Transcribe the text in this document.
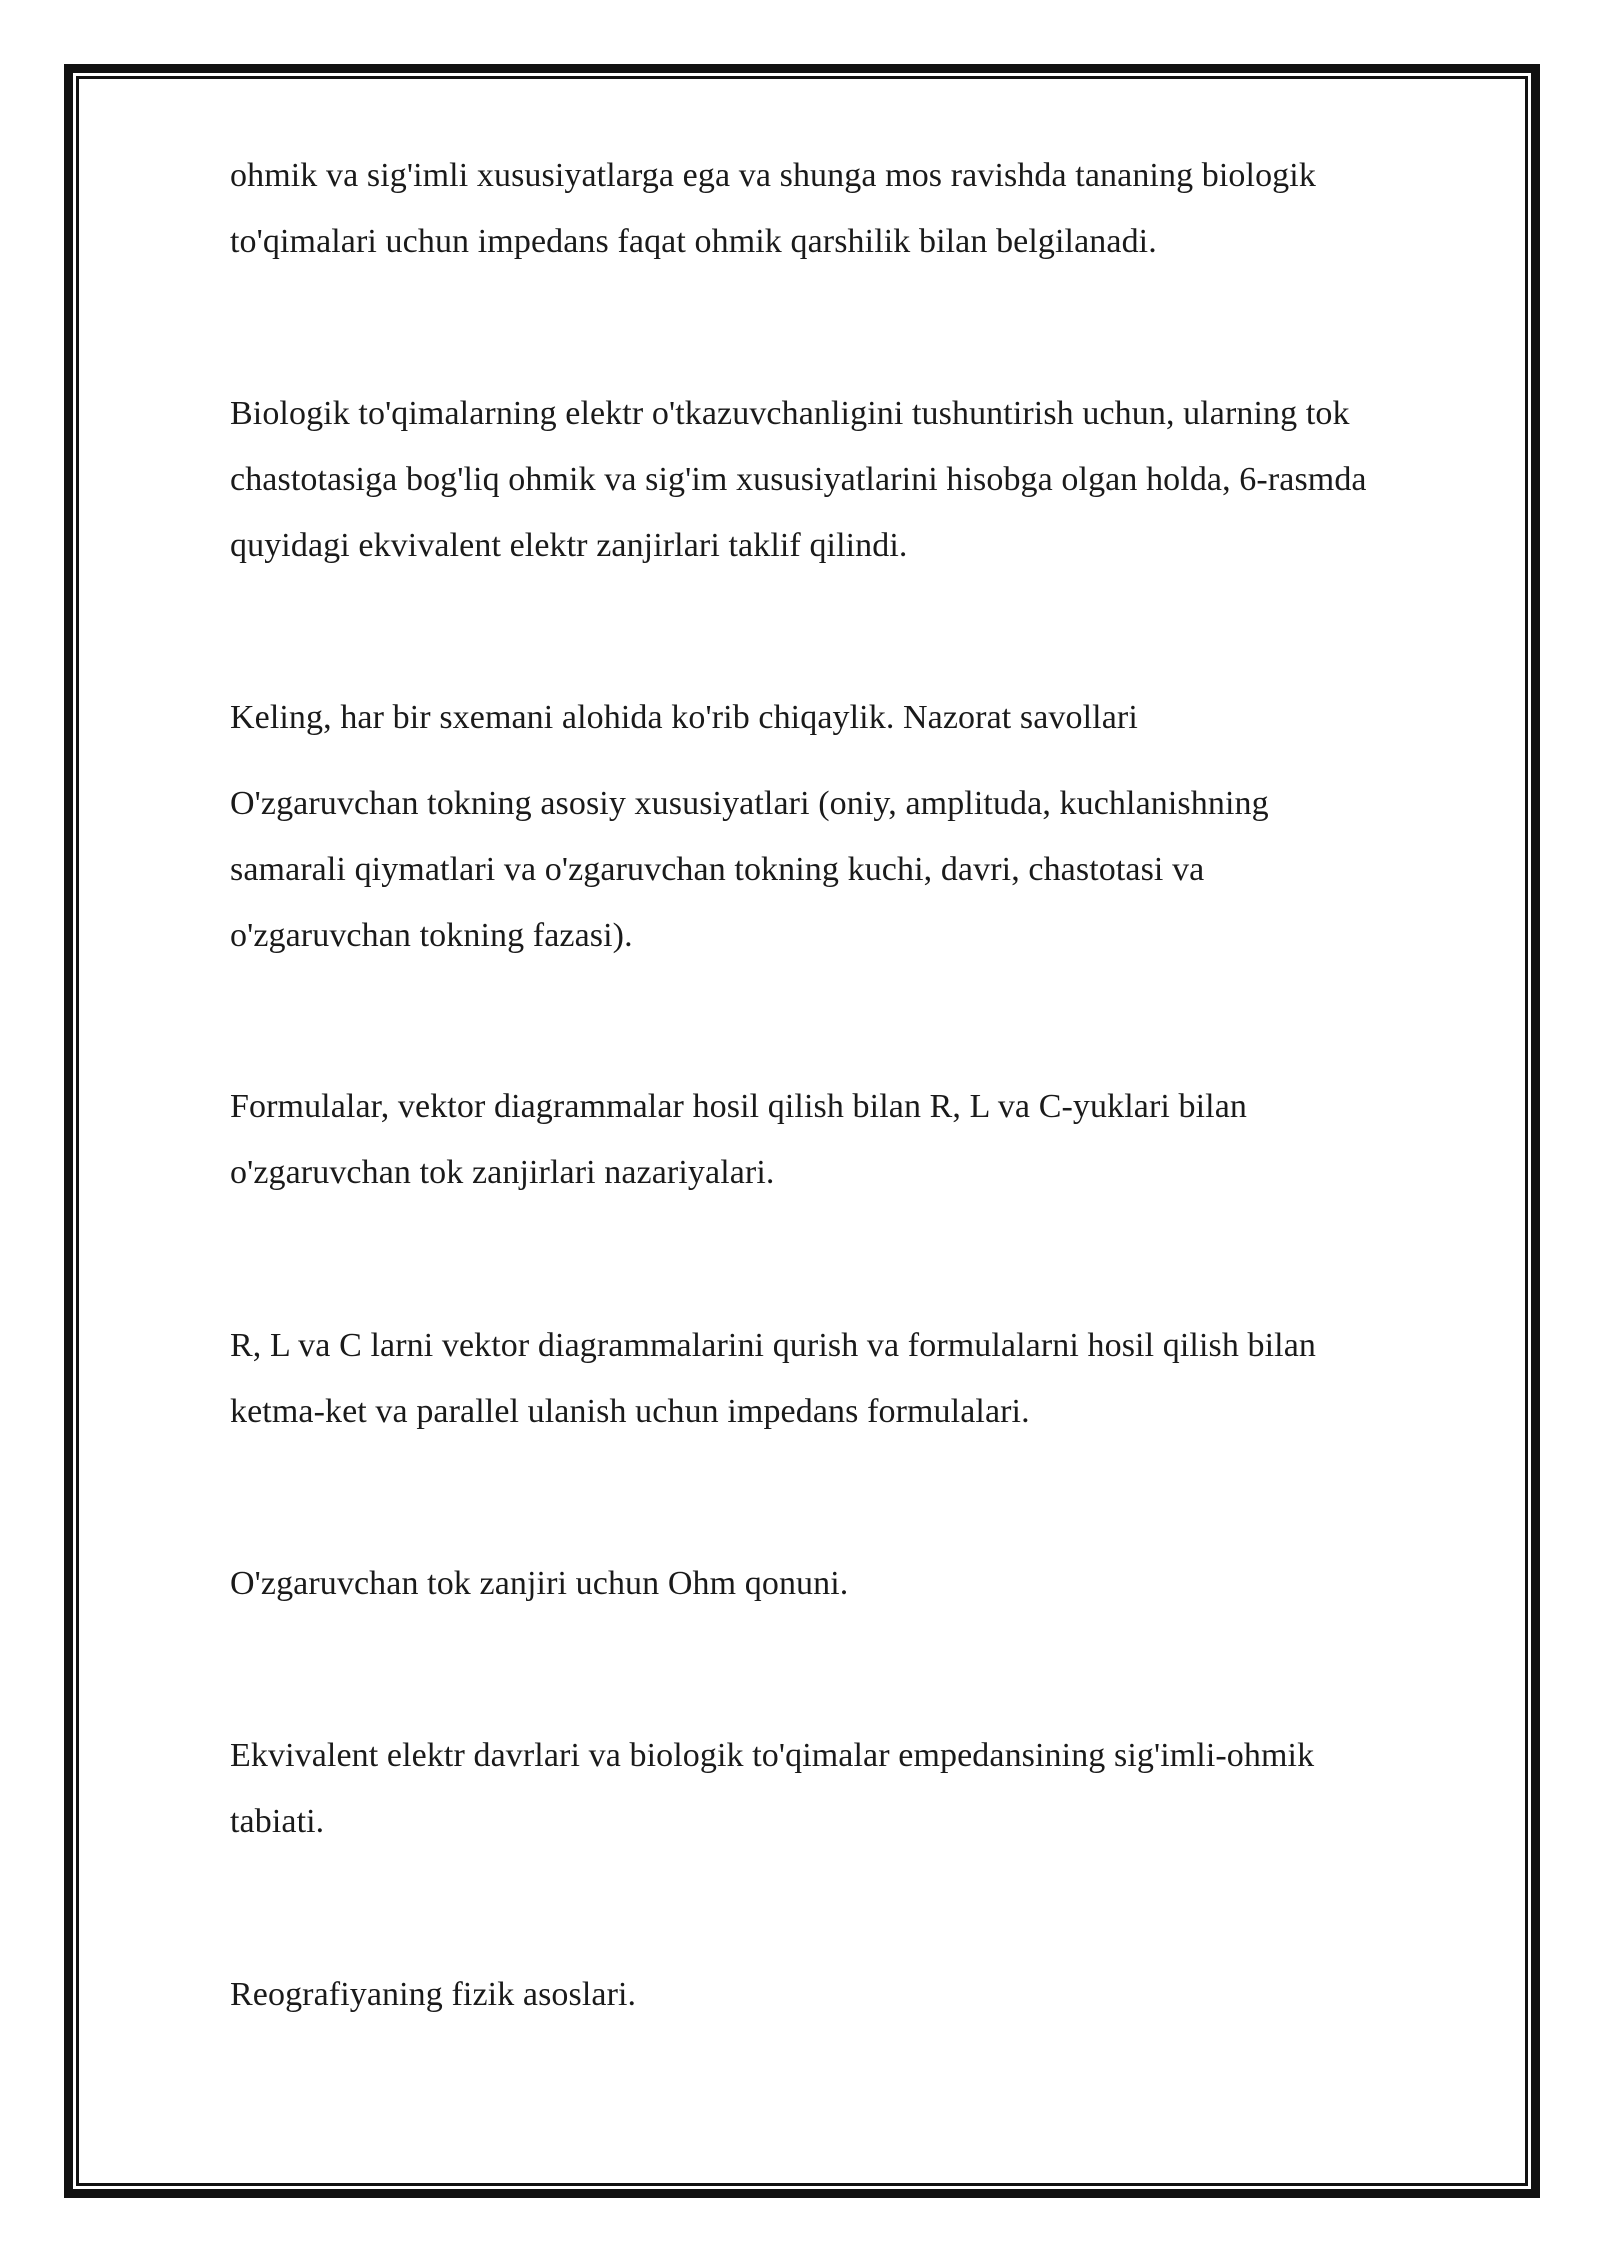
ohmik va sig'imli xususiyatlarga ega va shunga mos ravishda tananing biologik
to'qimalari uchun impedans faqat ohmik qarshilik bilan belgilanadi.

Biologik to'qimalarning elektr o'tkazuvchanligini tushuntirish uchun, ularning tok
chastotasiga bog'liq ohmik va sig'im xususiyatlarini hisobga olgan holda, 6-rasmda
quyidagi ekvivalent elektr zanjirlari taklif qilindi.

Keling, har bir sxemani alohida ko'rib chiqaylik. Nazorat savollari

O'zgaruvchan tokning asosiy xususiyatlari (oniy, amplituda, kuchlanishning
samarali qiymatlari va o'zgaruvchan tokning kuchi, davri, chastotasi va
o'zgaruvchan tokning fazasi).

Formulalar, vektor diagrammalar hosil qilish bilan R, L va C-yuklari bilan
o'zgaruvchan tok zanjirlari nazariyalari.

R, L va C larni vektor diagrammalarini qurish va formulalarni hosil qilish bilan
ketma-ket va parallel ulanish uchun impedans formulalari.

O'zgaruvchan tok zanjiri uchun Ohm qonuni.

Ekvivalent elektr davrlari va biologik to'qimalar empedansining sig'imli-ohmik
tabiati.

Reografiyaning fizik asoslari.
